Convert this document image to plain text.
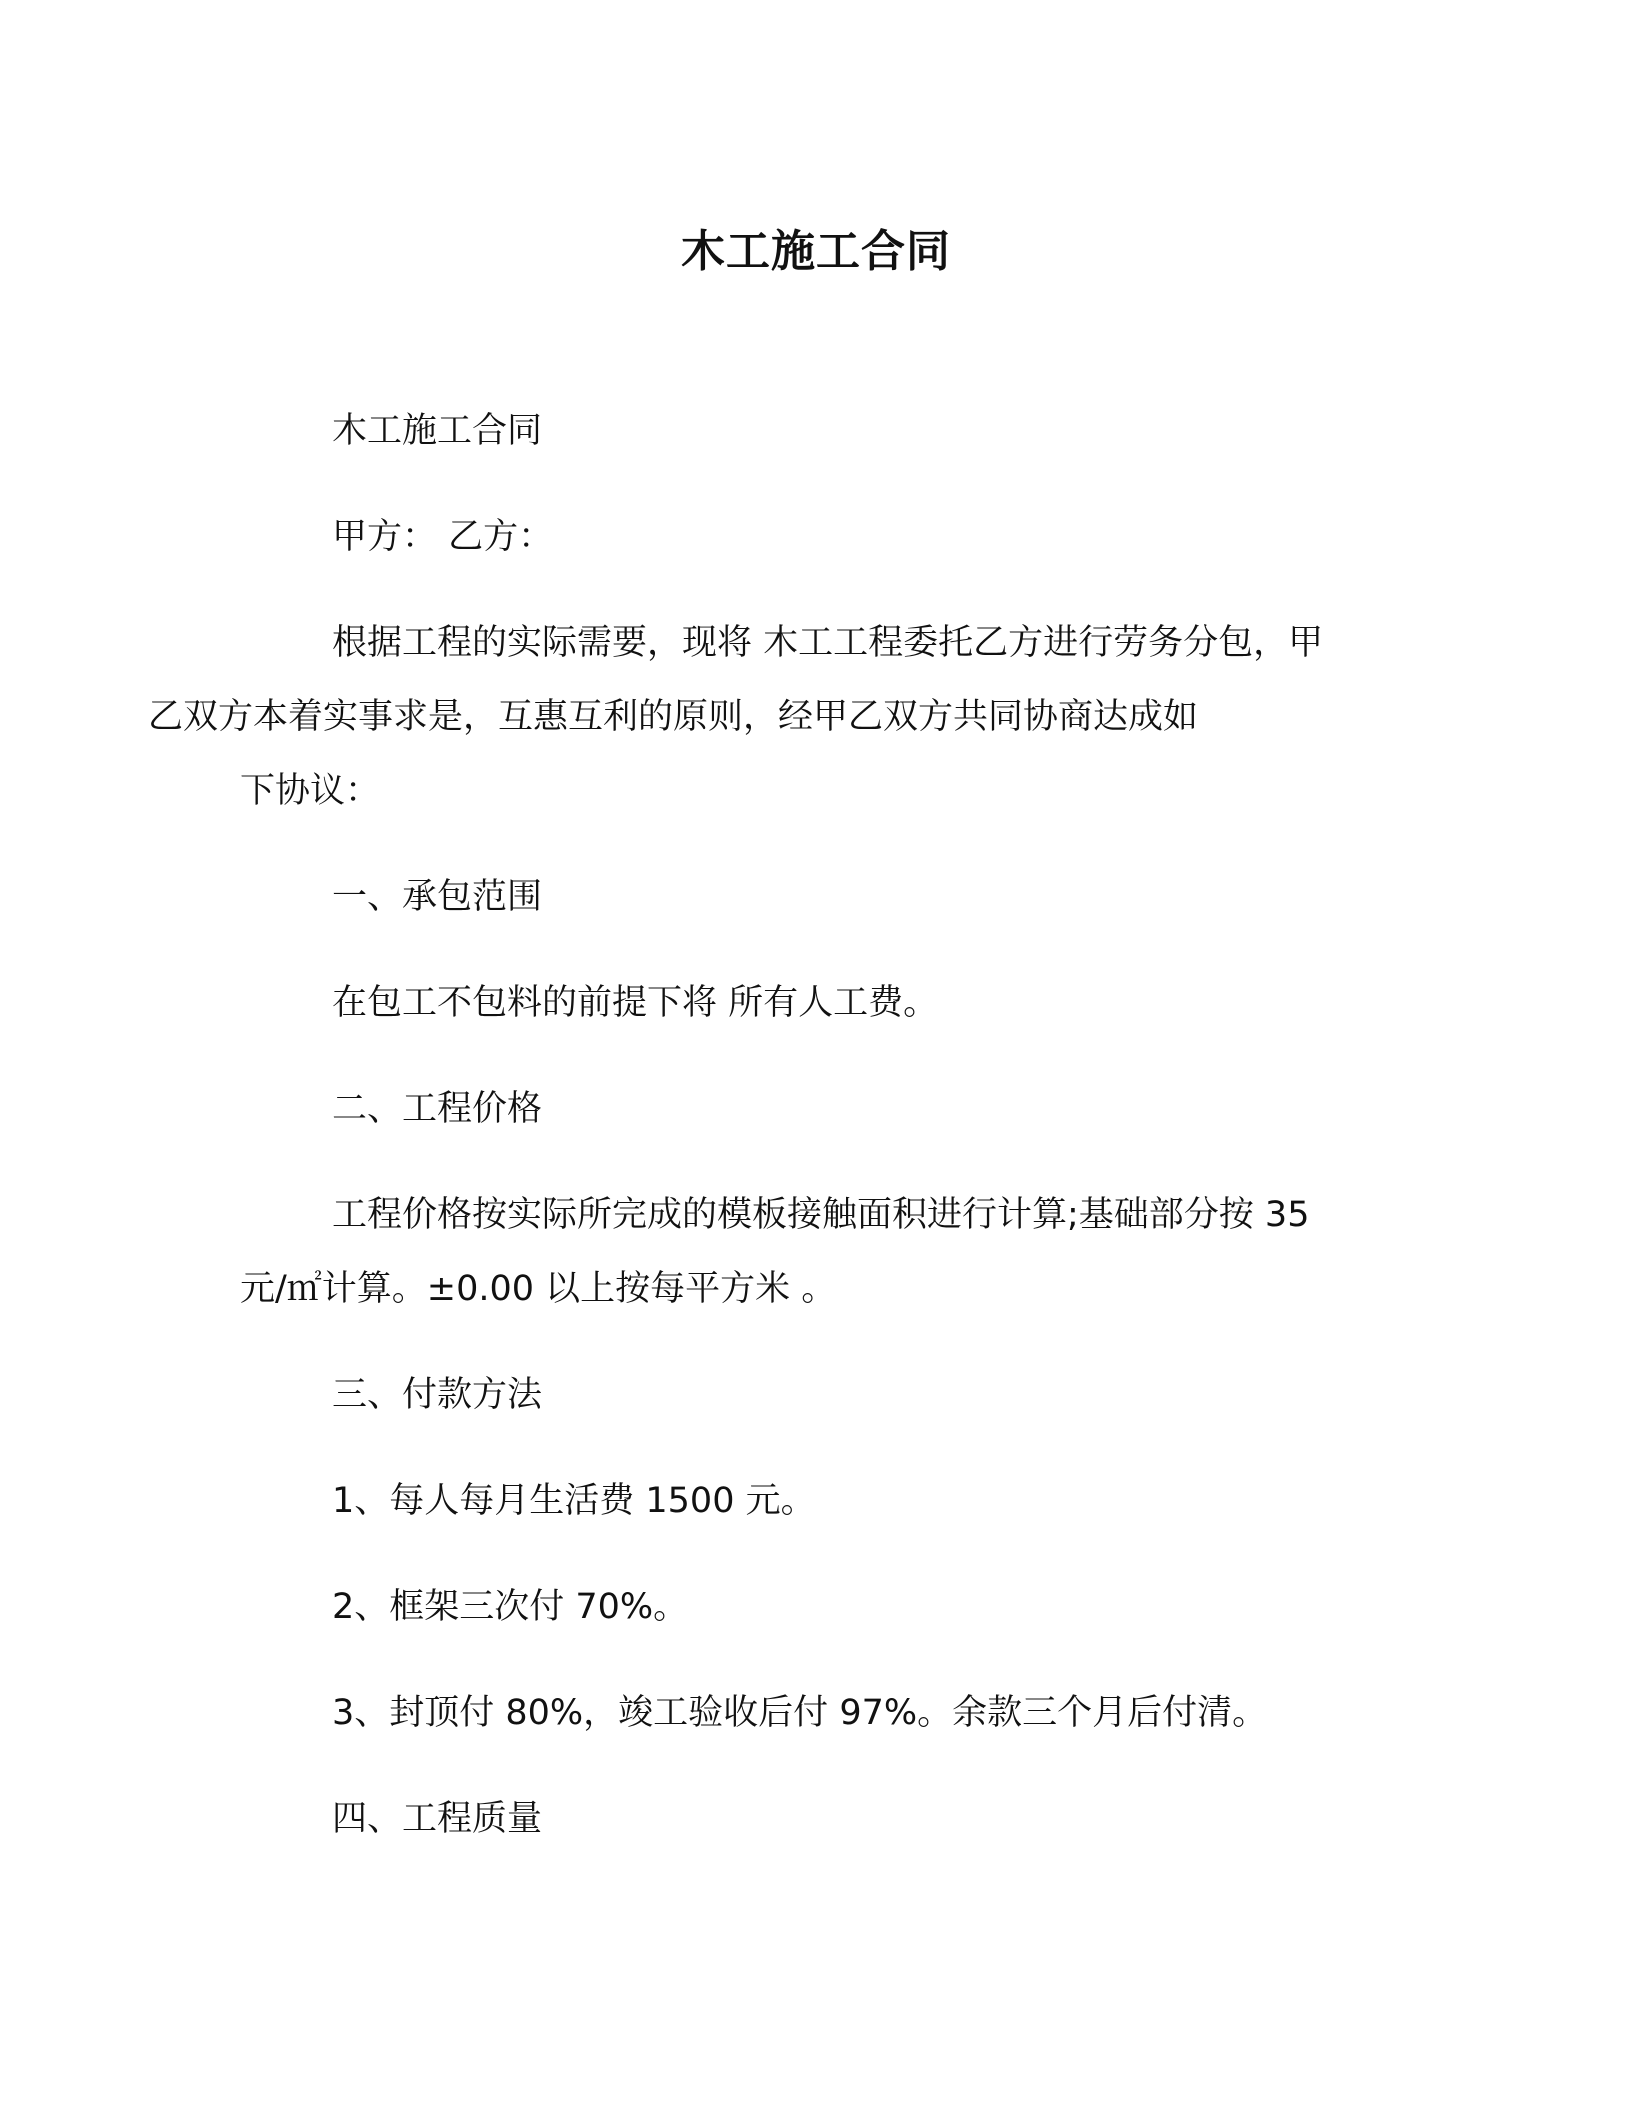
木工施工合同

木工施工合同

甲方： 乙方：

根据工程的实际需要，现将 木工工程委托乙方进行劳务分包，甲
乙双方本着实事求是，互惠互利的原则，经甲乙双方共同协商达成如
下协议：

一、承包范围

在包工不包料的前提下将 所有人工费。

二、工程价格

工程价格按实际所完成的模板接触面积进行计算;基础部分按 35
元/㎡计算。±0.00 以上按每平方米 。

三、付款方法

1、每人每月生活费 1500 元。

2、框架三次付 70%。

3、封顶付 80%，竣工验收后付 97%。余款三个月后付清。

四、工程质量
